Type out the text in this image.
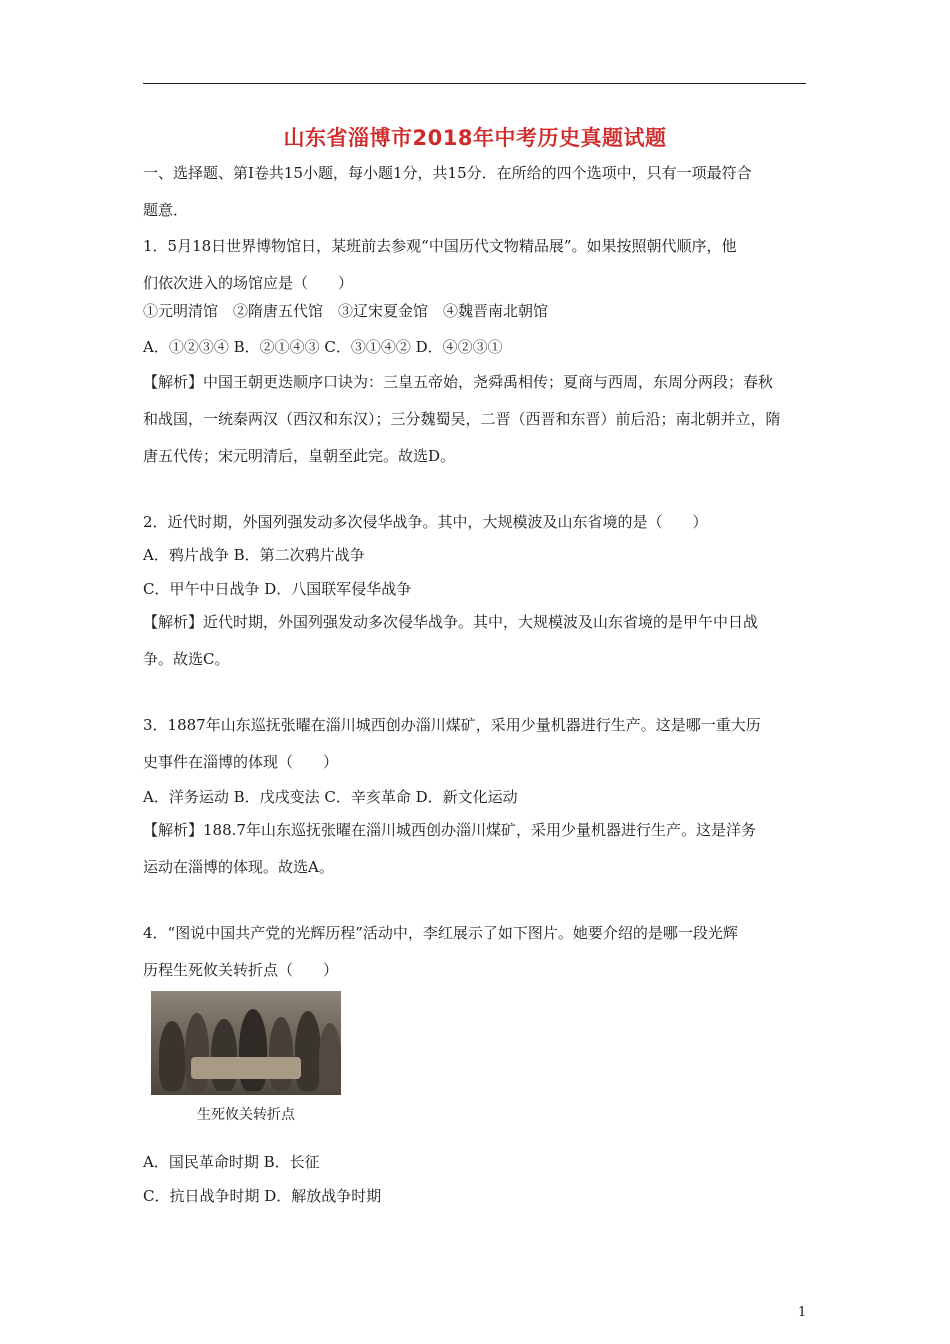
山东省淄博市2018年中考历史真题试题
一、选择题、第Ⅰ卷共15小题，每小题1分，共15分．在所给的四个选项中，只有一项最符合
题意．
1．5月18日世界博物馆日，某班前去参观“中国历代文物精品展”。如果按照朝代顺序，他
们依次进入的场馆应是（　　）
①元明清馆　②隋唐五代馆　③辽宋夏金馆　④魏晋南北朝馆
A．①②③④ B．②①④③ C．③①④② D．④②③①
【解析】中国王朝更迭顺序口诀为：三皇五帝始，尧舜禹相传；夏商与西周，东周分两段；春秋
和战国，一统秦两汉（西汉和东汉）；三分魏蜀吴，二晋（西晋和东晋）前后沿；南北朝并立，隋
唐五代传；宋元明清后，皇朝至此完。故选D。
2．近代时期，外国列强发动多次侵华战争。其中，大规模波及山东省境的是（　　）
A．鸦片战争 B．第二次鸦片战争
C．甲午中日战争 D．八国联军侵华战争
【解析】近代时期，外国列强发动多次侵华战争。其中，大规模波及山东省境的是甲午中日战
争。故选C。
3．1887年山东巡抚张曜在淄川城西创办淄川煤矿，采用少量机器进行生产。这是哪一重大历
史事件在淄博的体现（　　）
A．洋务运动 B．戊戌变法 C．辛亥革命 D．新文化运动
【解析】188.7年山东巡抚张曜在淄川城西创办淄川煤矿，采用少量机器进行生产。这是洋务
运动在淄博的体现。故选A。
4．“图说中国共产党的光辉历程”活动中，李红展示了如下图片。她要介绍的是哪一段光辉
历程生死攸关转折点（　　）
生死攸关转折点
A．国民革命时期 B．长征
C．抗日战争时期 D．解放战争时期
1
